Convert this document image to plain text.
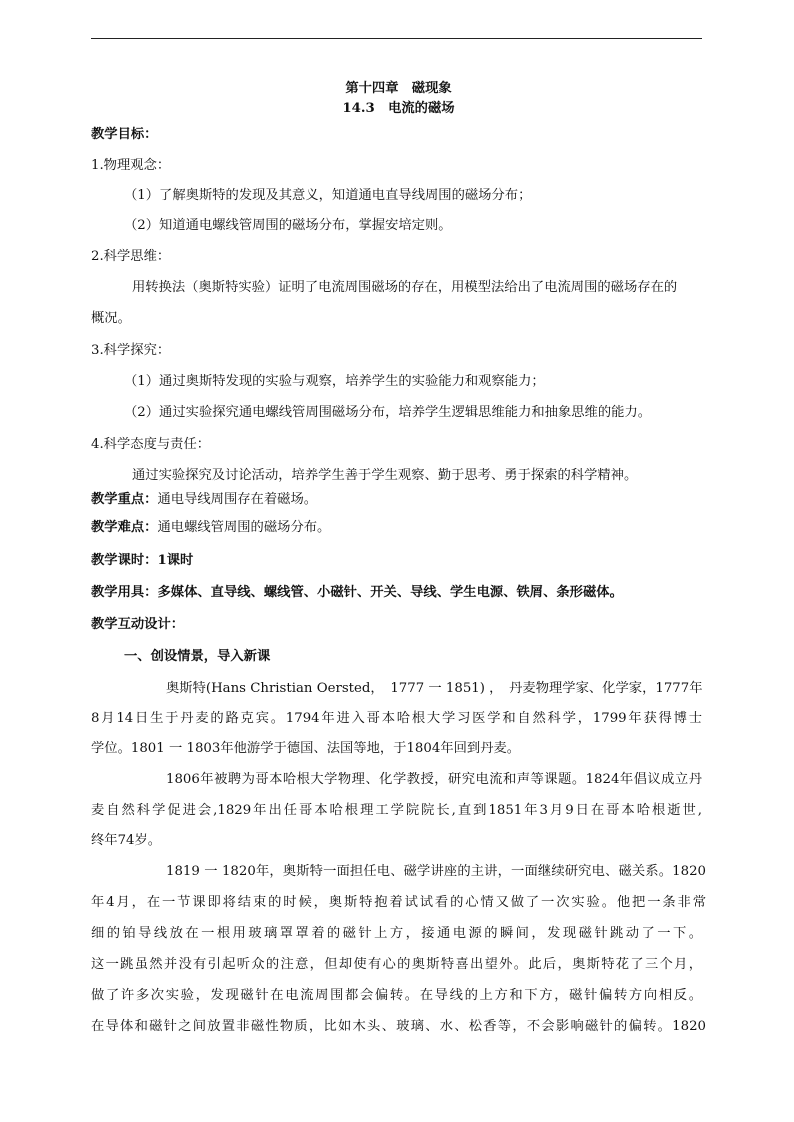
第十四章　磁现象
14.3　电流的磁场
教学目标：
1.物理观念：
（1）了解奥斯特的发现及其意义，知道通电直导线周围的磁场分布；
（2）知道通电螺线管周围的磁场分布，掌握安培定则。
2.科学思维：
用转换法（奥斯特实验）证明了电流周围磁场的存在，用模型法给出了电流周围的磁场存在的
概况。
3.科学探究：
（1）通过奥斯特发现的实验与观察，培养学生的实验能力和观察能力；
（2）通过实验探究通电螺线管周围磁场分布，培养学生逻辑思维能力和抽象思维的能力。
4.科学态度与责任：
通过实验探究及讨论活动，培养学生善于学生观察、勤于思考、勇于探索的科学精神。
教学重点：通电导线周围存在着磁场。
教学难点：通电螺线管周围的磁场分布。
教学课时：1课时
教学用具：多媒体、直导线、螺线管、小磁针、开关、导线、学生电源、铁屑、条形磁体。
教学互动设计：
一、创设情景，导入新课
奥斯特(Hans Christian Oersted，　1777 一 1851) ，　丹麦物理学家、化学家，1777年
8月14日生于丹麦的路克宾。1794年进入哥本哈根大学习医学和自然科学，1799年获得博士
学位。1801 一 1803年他游学于德国、法国等地，于1804年回到丹麦。
1806年被聘为哥本哈根大学物理、化学教授，研究电流和声等课题。1824年倡议成立丹
麦自然科学促进会,1829年出任哥本哈根理工学院院长,直到1851年3月9日在哥本哈根逝世,
终年74岁。
1819 一 1820年，奥斯特一面担任电、磁学讲座的主讲，一面继续研究电、磁关系。1820
年4月，在一节课即将结束的时候，奥斯特抱着试试看的心情又做了一次实验。他把一条非常
细的铂导线放在一根用玻璃罩罩着的磁针上方，接通电源的瞬间，发现磁针跳动了一下。
这一跳虽然并没有引起听众的注意，但却使有心的奥斯特喜出望外。此后，奥斯特花了三个月，
做了许多次实验，发现磁针在电流周围都会偏转。在导线的上方和下方，磁针偏转方向相反。
在导体和磁针之间放置非磁性物质，比如木头、玻璃、水、松香等，不会影响磁针的偏转。1820
